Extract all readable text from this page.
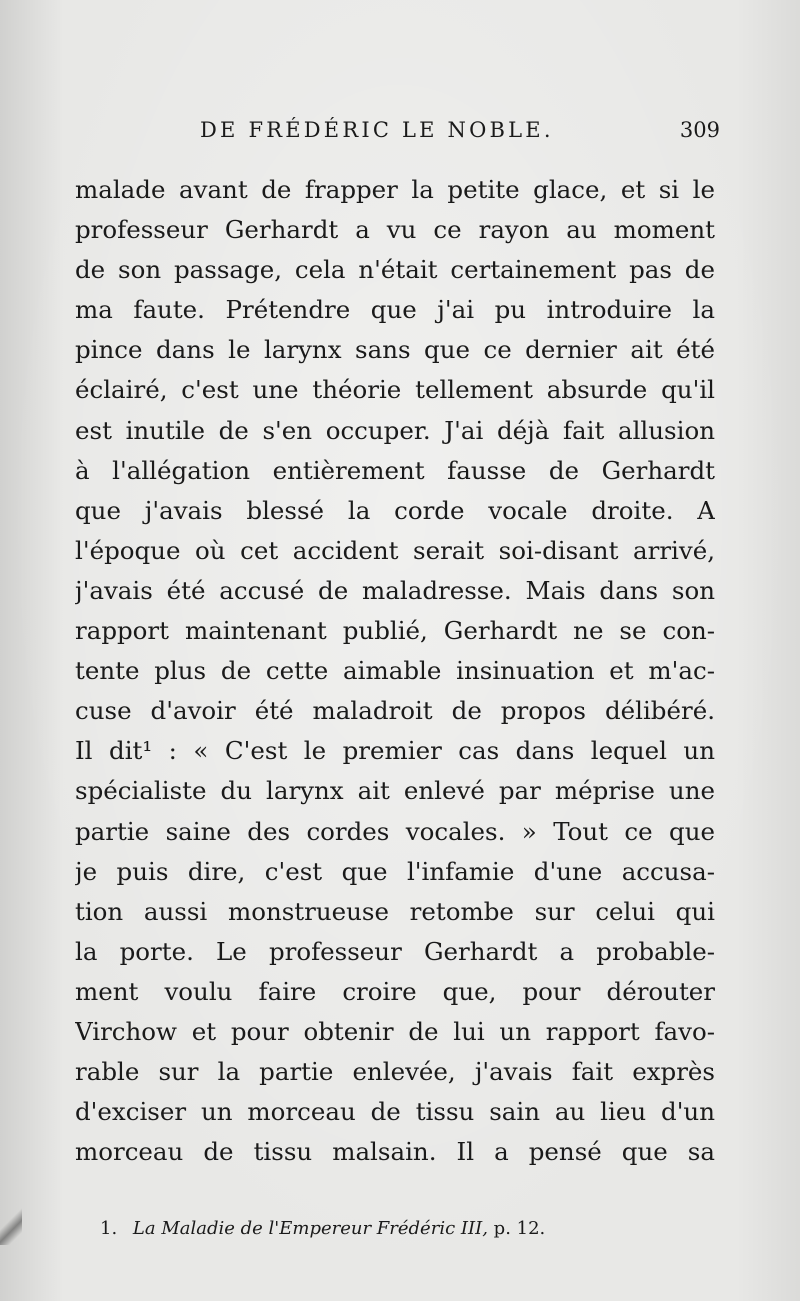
DE FRÉDÉRIC LE NOBLE.	309
malade avant de frapper la petite glace, et si le
professeur Gerhardt a vu ce rayon au moment
de son passage, cela n'était certainement pas de
ma faute. Prétendre que j'ai pu introduire la
pince dans le larynx sans que ce dernier ait été
éclairé, c'est une théorie tellement absurde qu'il
est inutile de s'en occuper. J'ai déjà fait allusion
à l'allégation entièrement fausse de Gerhardt
que j'avais blessé la corde vocale droite. A
l'époque où cet accident serait soi-disant arrivé,
j'avais été accusé de maladresse. Mais dans son
rapport maintenant publié, Gerhardt ne se con-
tente plus de cette aimable insinuation et m'ac-
cuse d'avoir été maladroit de propos délibéré.
Il dit¹ : « C'est le premier cas dans lequel un
spécialiste du larynx ait enlevé par méprise une
partie saine des cordes vocales. » Tout ce que
je puis dire, c'est que l'infamie d'une accusa-
tion aussi monstrueuse retombe sur celui qui
la porte. Le professeur Gerhardt a probable-
ment voulu faire croire que, pour dérouter
Virchow et pour obtenir de lui un rapport favo-
rable sur la partie enlevée, j'avais fait exprès
d'exciser un morceau de tissu sain au lieu d'un
morceau de tissu malsain. Il a pensé que sa
1. La Maladie de l'Empereur Frédéric III, p. 12.
